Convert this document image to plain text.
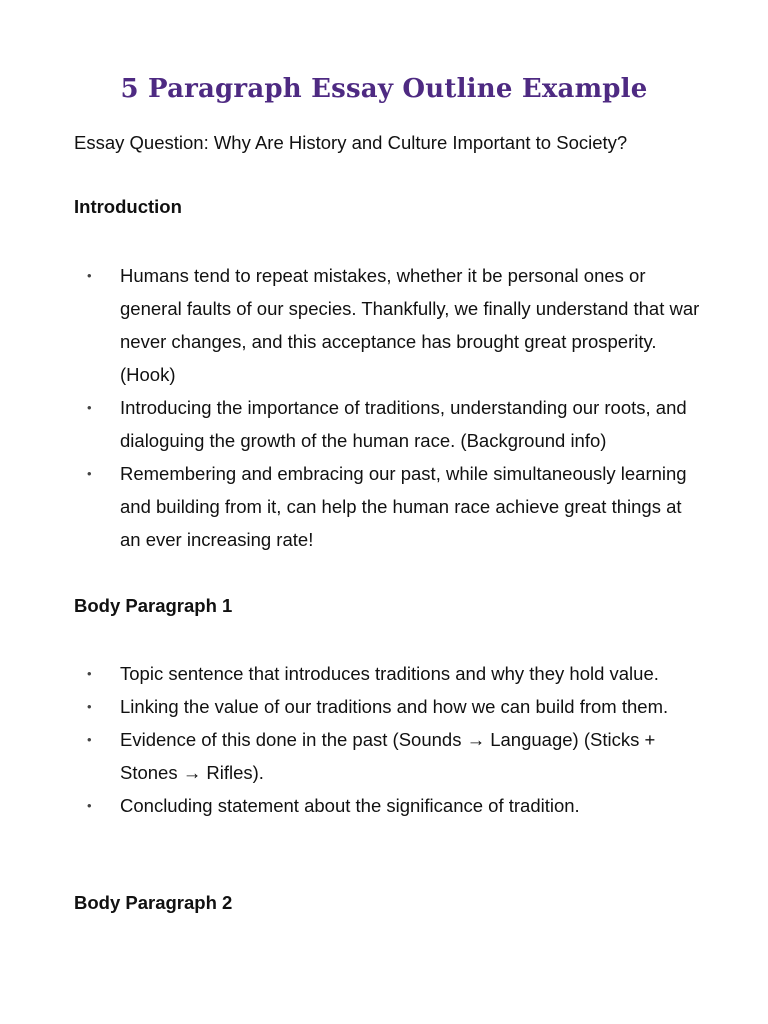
5 Paragraph Essay Outline Example
Essay Question: Why Are History and Culture Important to Society?
Introduction
• Humans tend to repeat mistakes, whether it be personal ones or general faults of our species. Thankfully, we finally understand that war never changes, and this acceptance has brought great prosperity. (Hook)
• Introducing the importance of traditions, understanding our roots, and dialoguing the growth of the human race. (Background info)
• Remembering and embracing our past, while simultaneously learning and building from it, can help the human race achieve great things at an ever increasing rate!
Body Paragraph 1
• Topic sentence that introduces traditions and why they hold value.
• Linking the value of our traditions and how we can build from them.
• Evidence of this done in the past (Sounds → Language) (Sticks + Stones → Rifles).
• Concluding statement about the significance of tradition.
Body Paragraph 2
